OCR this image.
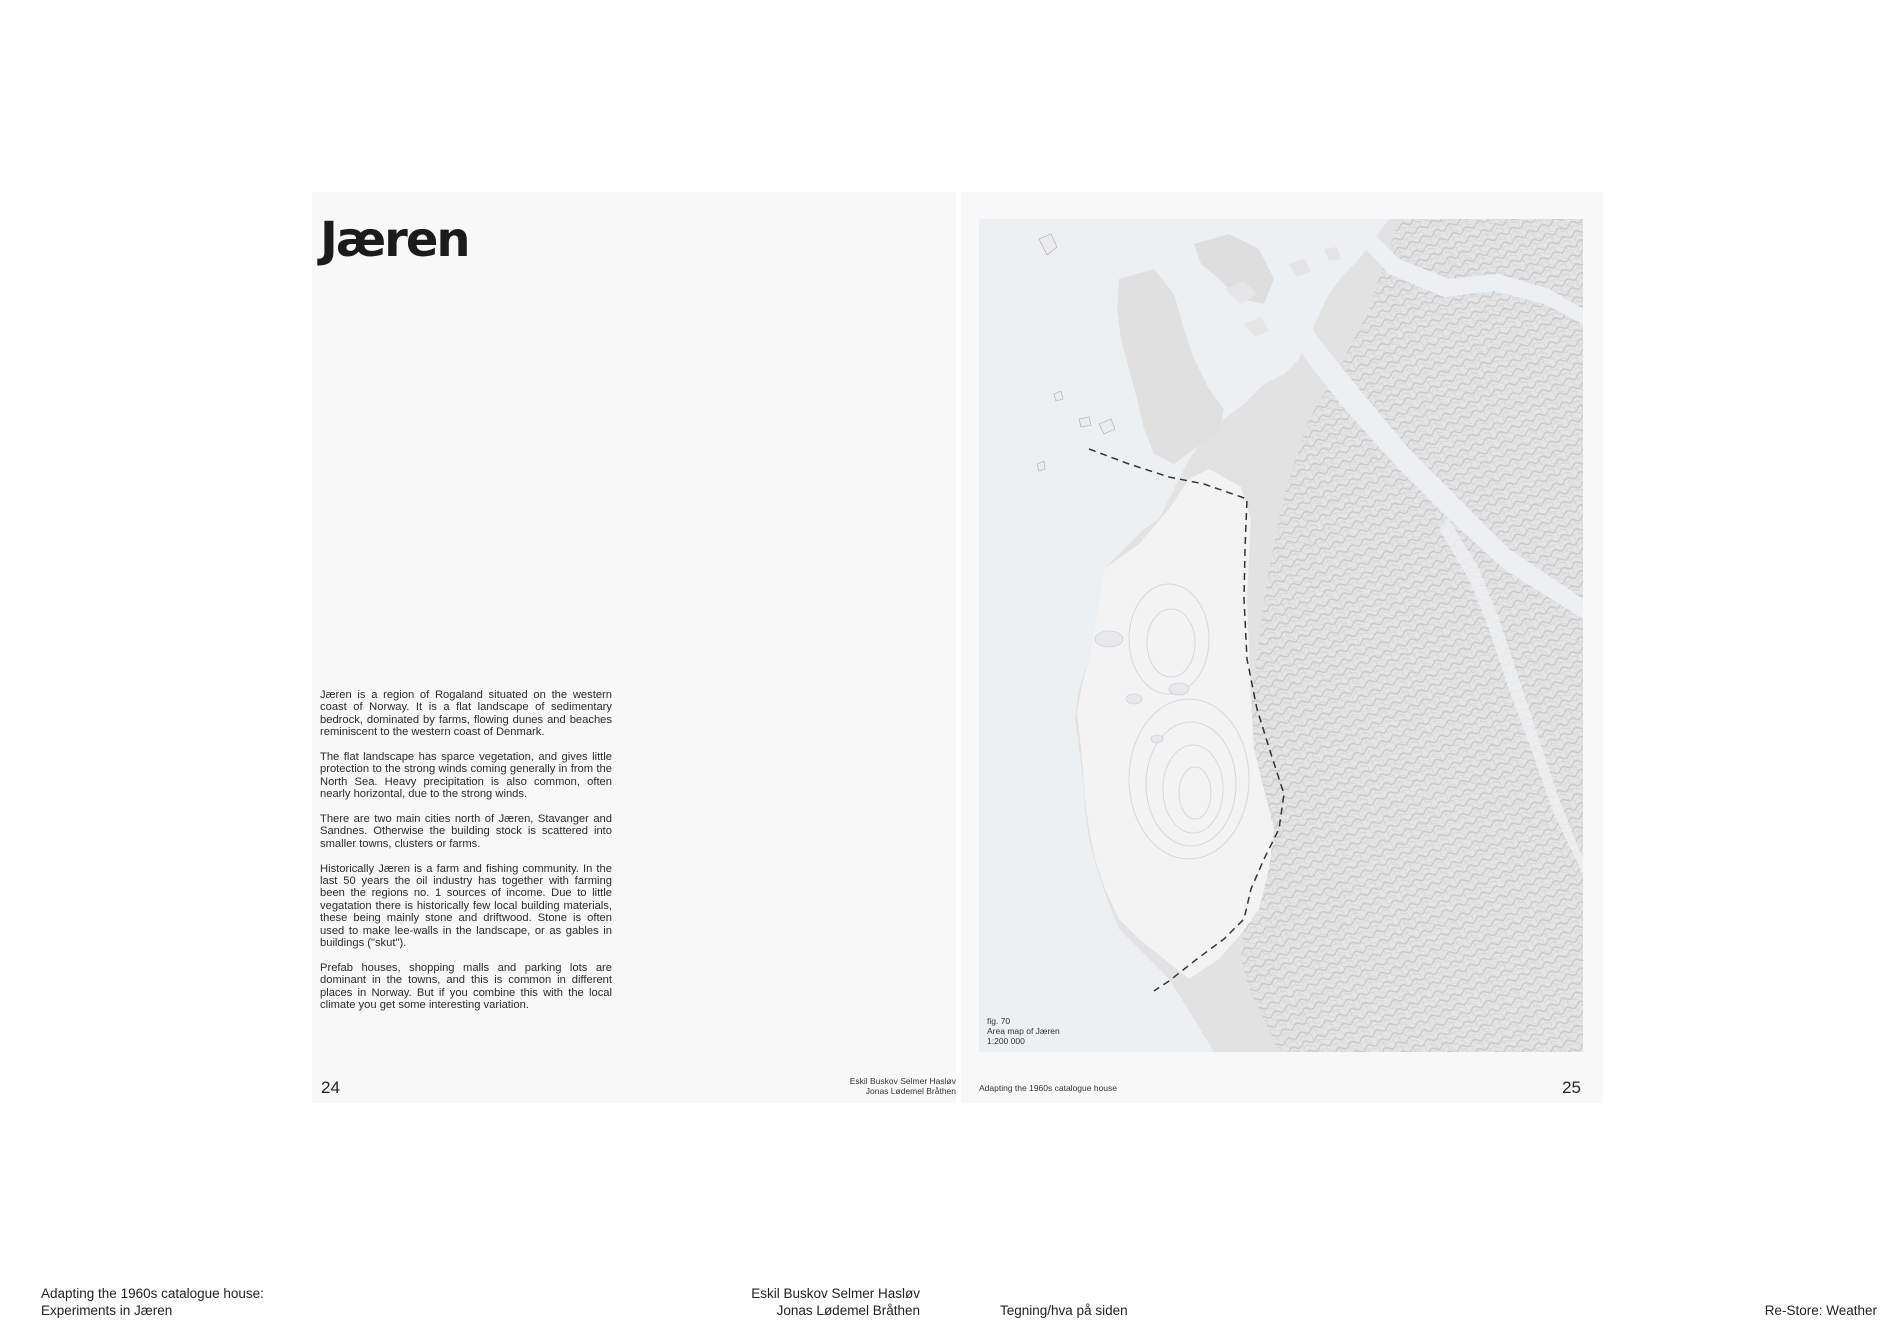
Jæren

Jæren is a region of Rogaland situated on the western coast of Norway. It is a flat landscape of sedimentary bedrock, dominated by farms, flowing dunes and beaches reminiscent to the western coast of Denmark.

The flat landscape has sparce vegetation, and gives little protection to the strong winds coming generally in from the North Sea. Heavy precipitation is also common, often nearly horizontal, due to the strong winds.

There are two main cities north of Jæren, Stavanger and Sandnes. Otherwise the building stock is scattered into smaller towns, clusters or farms.

Historically Jæren is a farm and fishing community. In the last 50 years the oil industry has together with farming been the regions no. 1 sources of income. Due to little vegatation there is historically few local building materials, these being mainly stone and driftwood. Stone is often used to make lee-walls in the landscape, or as gables in buildings ("skut").

Prefab houses, shopping malls and parking lots are dominant in the towns, and this is common in different places in Norway. But if you combine this with the local climate you get some interesting variation.

24	Eskil Buskov Selmer Hasløv
Jonas Lødemel Bråthen
fig. 70
Area map of Jæren
1:200 000
Adapting the 1960s catalogue house	25
Adapting the 1960s catalogue house:
Experiments in Jæren
Eskil Buskov Selmer Hasløv
Jonas Lødemel Bråthen	Tegning/hva på siden	Re-Store: Weather
